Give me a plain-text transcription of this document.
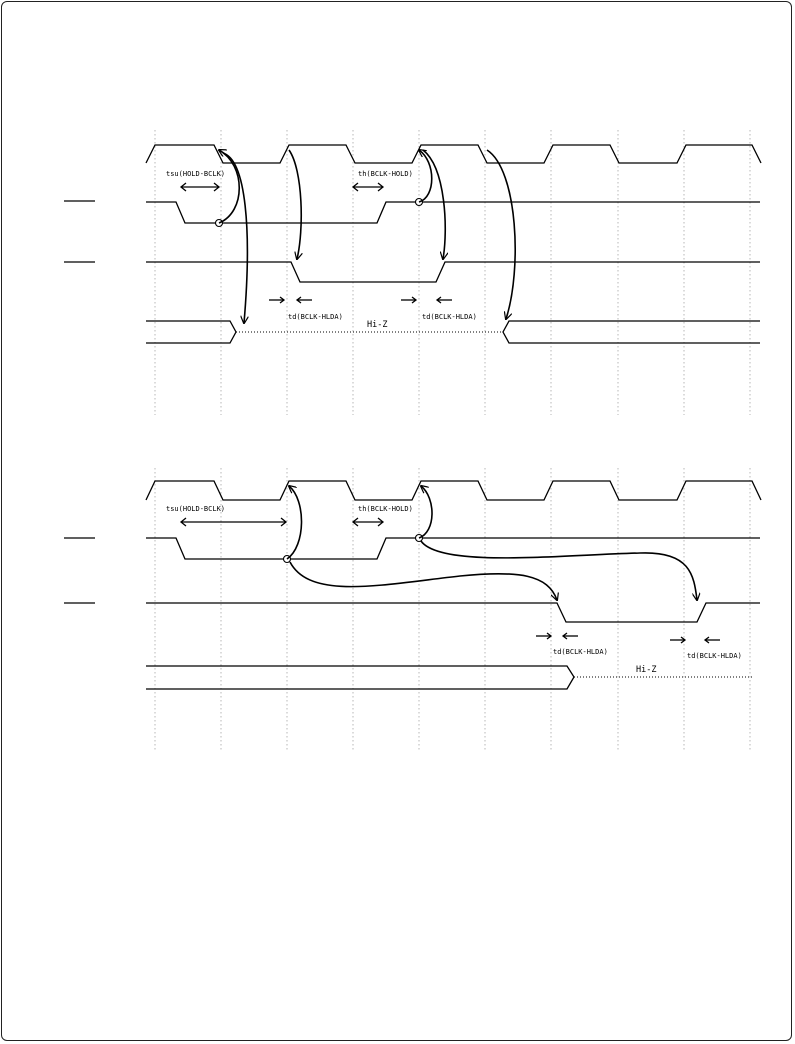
tsu(HOLD-BCLK)	th(BCLK-HOLD)
td(BCLK-HLDA)	td(BCLK-HLDA)
Hi-Z
tsu(HOLD-BCLK)	th(BCLK-HOLD)
td(BCLK-HLDA)	td(BCLK-HLDA)
Hi-Z
